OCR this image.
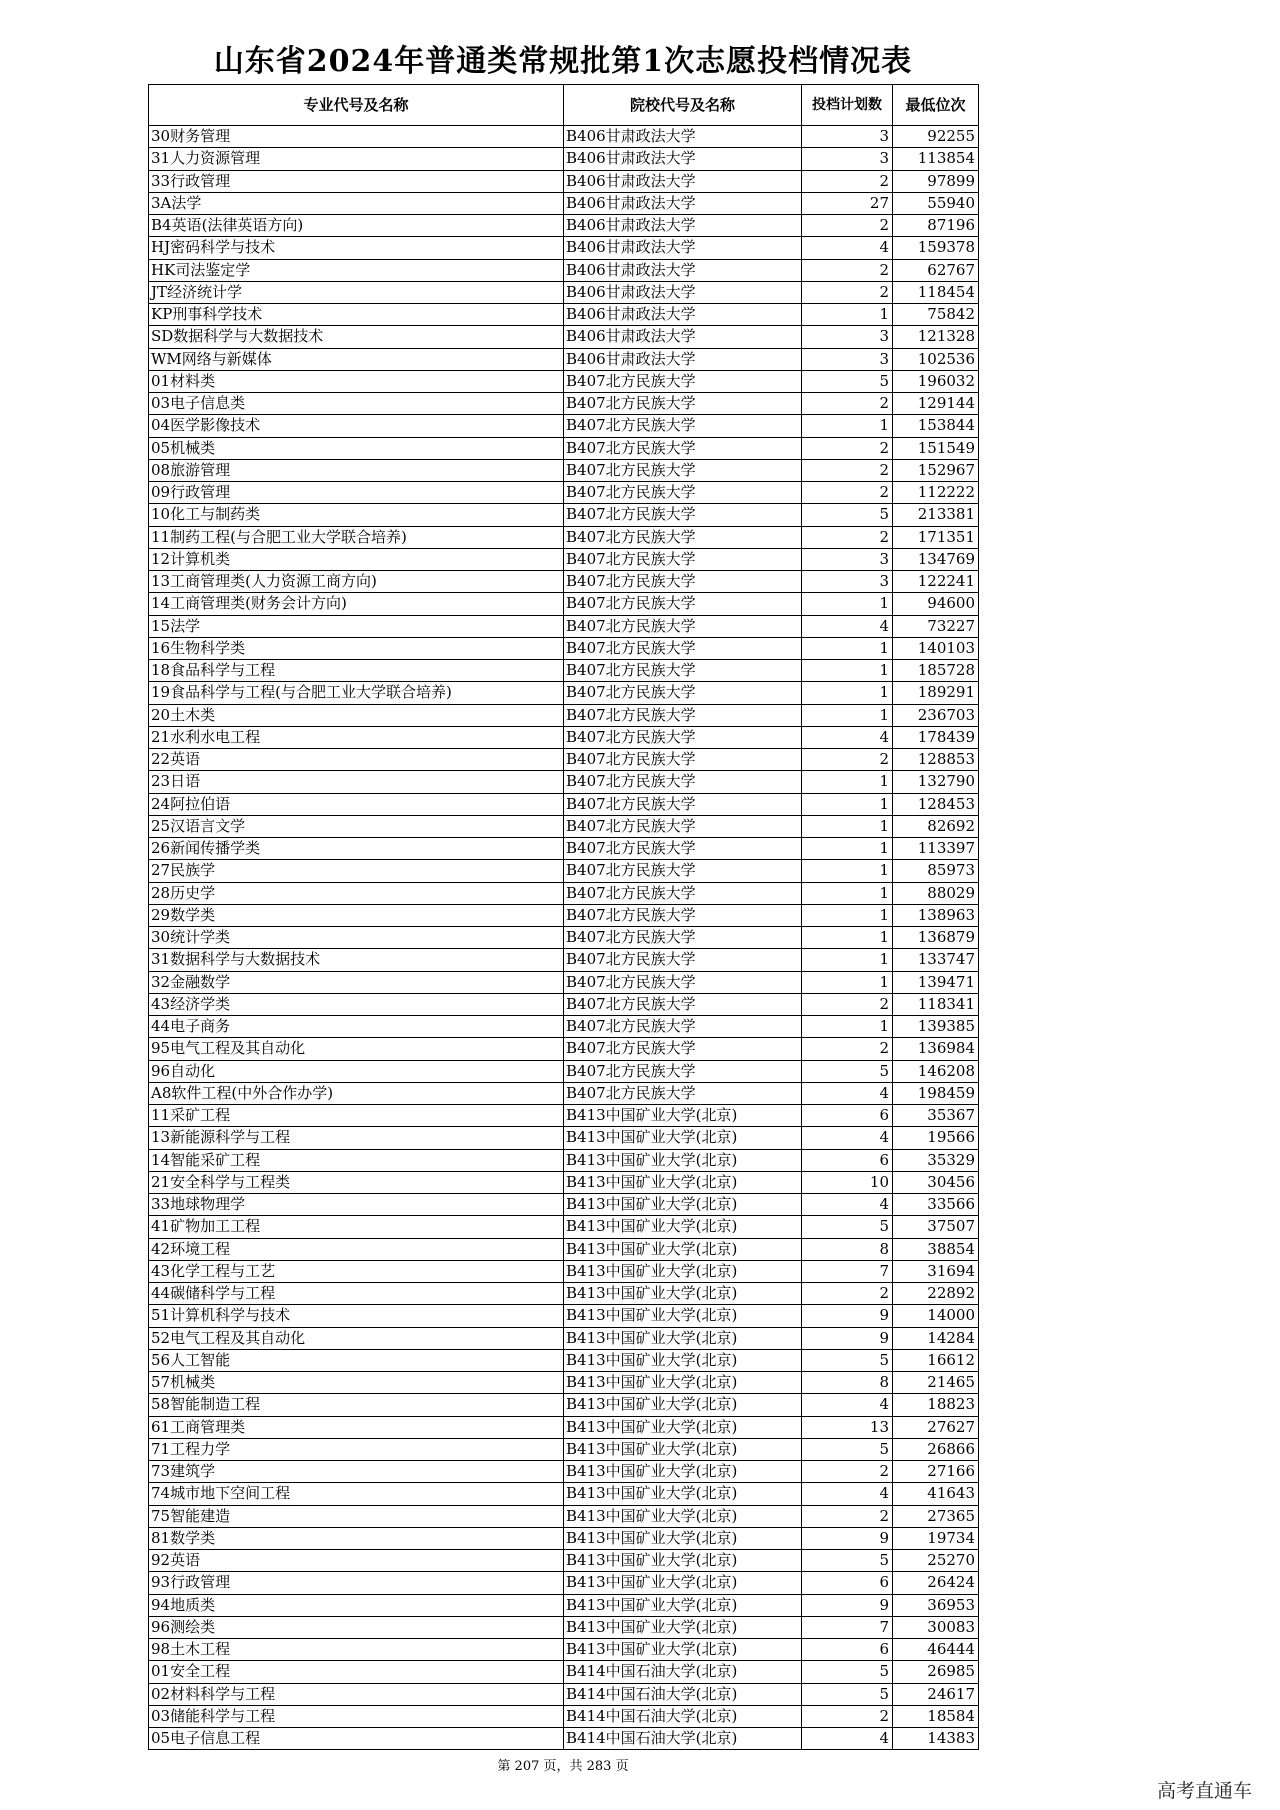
山东省2024年普通类常规批第1次志愿投档情况表
专业代号及名称	院校代号及名称	投档计划数	最低位次
30财务管理	B406甘肃政法大学	3	92255
31人力资源管理	B406甘肃政法大学	3	113854
33行政管理	B406甘肃政法大学	2	97899
3A法学	B406甘肃政法大学	27	55940
B4英语(法律英语方向)	B406甘肃政法大学	2	87196
HJ密码科学与技术	B406甘肃政法大学	4	159378
HK司法鉴定学	B406甘肃政法大学	2	62767
JT经济统计学	B406甘肃政法大学	2	118454
KP刑事科学技术	B406甘肃政法大学	1	75842
SD数据科学与大数据技术	B406甘肃政法大学	3	121328
WM网络与新媒体	B406甘肃政法大学	3	102536
01材料类	B407北方民族大学	5	196032
03电子信息类	B407北方民族大学	2	129144
04医学影像技术	B407北方民族大学	1	153844
05机械类	B407北方民族大学	2	151549
08旅游管理	B407北方民族大学	2	152967
09行政管理	B407北方民族大学	2	112222
10化工与制药类	B407北方民族大学	5	213381
11制药工程(与合肥工业大学联合培养)	B407北方民族大学	2	171351
12计算机类	B407北方民族大学	3	134769
13工商管理类(人力资源工商方向)	B407北方民族大学	3	122241
14工商管理类(财务会计方向)	B407北方民族大学	1	94600
15法学	B407北方民族大学	4	73227
16生物科学类	B407北方民族大学	1	140103
18食品科学与工程	B407北方民族大学	1	185728
19食品科学与工程(与合肥工业大学联合培养)	B407北方民族大学	1	189291
20土木类	B407北方民族大学	1	236703
21水利水电工程	B407北方民族大学	4	178439
22英语	B407北方民族大学	2	128853
23日语	B407北方民族大学	1	132790
24阿拉伯语	B407北方民族大学	1	128453
25汉语言文学	B407北方民族大学	1	82692
26新闻传播学类	B407北方民族大学	1	113397
27民族学	B407北方民族大学	1	85973
28历史学	B407北方民族大学	1	88029
29数学类	B407北方民族大学	1	138963
30统计学类	B407北方民族大学	1	136879
31数据科学与大数据技术	B407北方民族大学	1	133747
32金融数学	B407北方民族大学	1	139471
43经济学类	B407北方民族大学	2	118341
44电子商务	B407北方民族大学	1	139385
95电气工程及其自动化	B407北方民族大学	2	136984
96自动化	B407北方民族大学	5	146208
A8软件工程(中外合作办学)	B407北方民族大学	4	198459
11采矿工程	B413中国矿业大学(北京)	6	35367
13新能源科学与工程	B413中国矿业大学(北京)	4	19566
14智能采矿工程	B413中国矿业大学(北京)	6	35329
21安全科学与工程类	B413中国矿业大学(北京)	10	30456
33地球物理学	B413中国矿业大学(北京)	4	33566
41矿物加工工程	B413中国矿业大学(北京)	5	37507
42环境工程	B413中国矿业大学(北京)	8	38854
43化学工程与工艺	B413中国矿业大学(北京)	7	31694
44碳储科学与工程	B413中国矿业大学(北京)	2	22892
51计算机科学与技术	B413中国矿业大学(北京)	9	14000
52电气工程及其自动化	B413中国矿业大学(北京)	9	14284
56人工智能	B413中国矿业大学(北京)	5	16612
57机械类	B413中国矿业大学(北京)	8	21465
58智能制造工程	B413中国矿业大学(北京)	4	18823
61工商管理类	B413中国矿业大学(北京)	13	27627
71工程力学	B413中国矿业大学(北京)	5	26866
73建筑学	B413中国矿业大学(北京)	2	27166
74城市地下空间工程	B413中国矿业大学(北京)	4	41643
75智能建造	B413中国矿业大学(北京)	2	27365
81数学类	B413中国矿业大学(北京)	9	19734
92英语	B413中国矿业大学(北京)	5	25270
93行政管理	B413中国矿业大学(北京)	6	26424
94地质类	B413中国矿业大学(北京)	9	36953
96测绘类	B413中国矿业大学(北京)	7	30083
98土木工程	B413中国矿业大学(北京)	6	46444
01安全工程	B414中国石油大学(北京)	5	26985
02材料科学与工程	B414中国石油大学(北京)	5	24617
03储能科学与工程	B414中国石油大学(北京)	2	18584
05电子信息工程	B414中国石油大学(北京)	4	14383
第 207 页，共 283 页
高考直通车
